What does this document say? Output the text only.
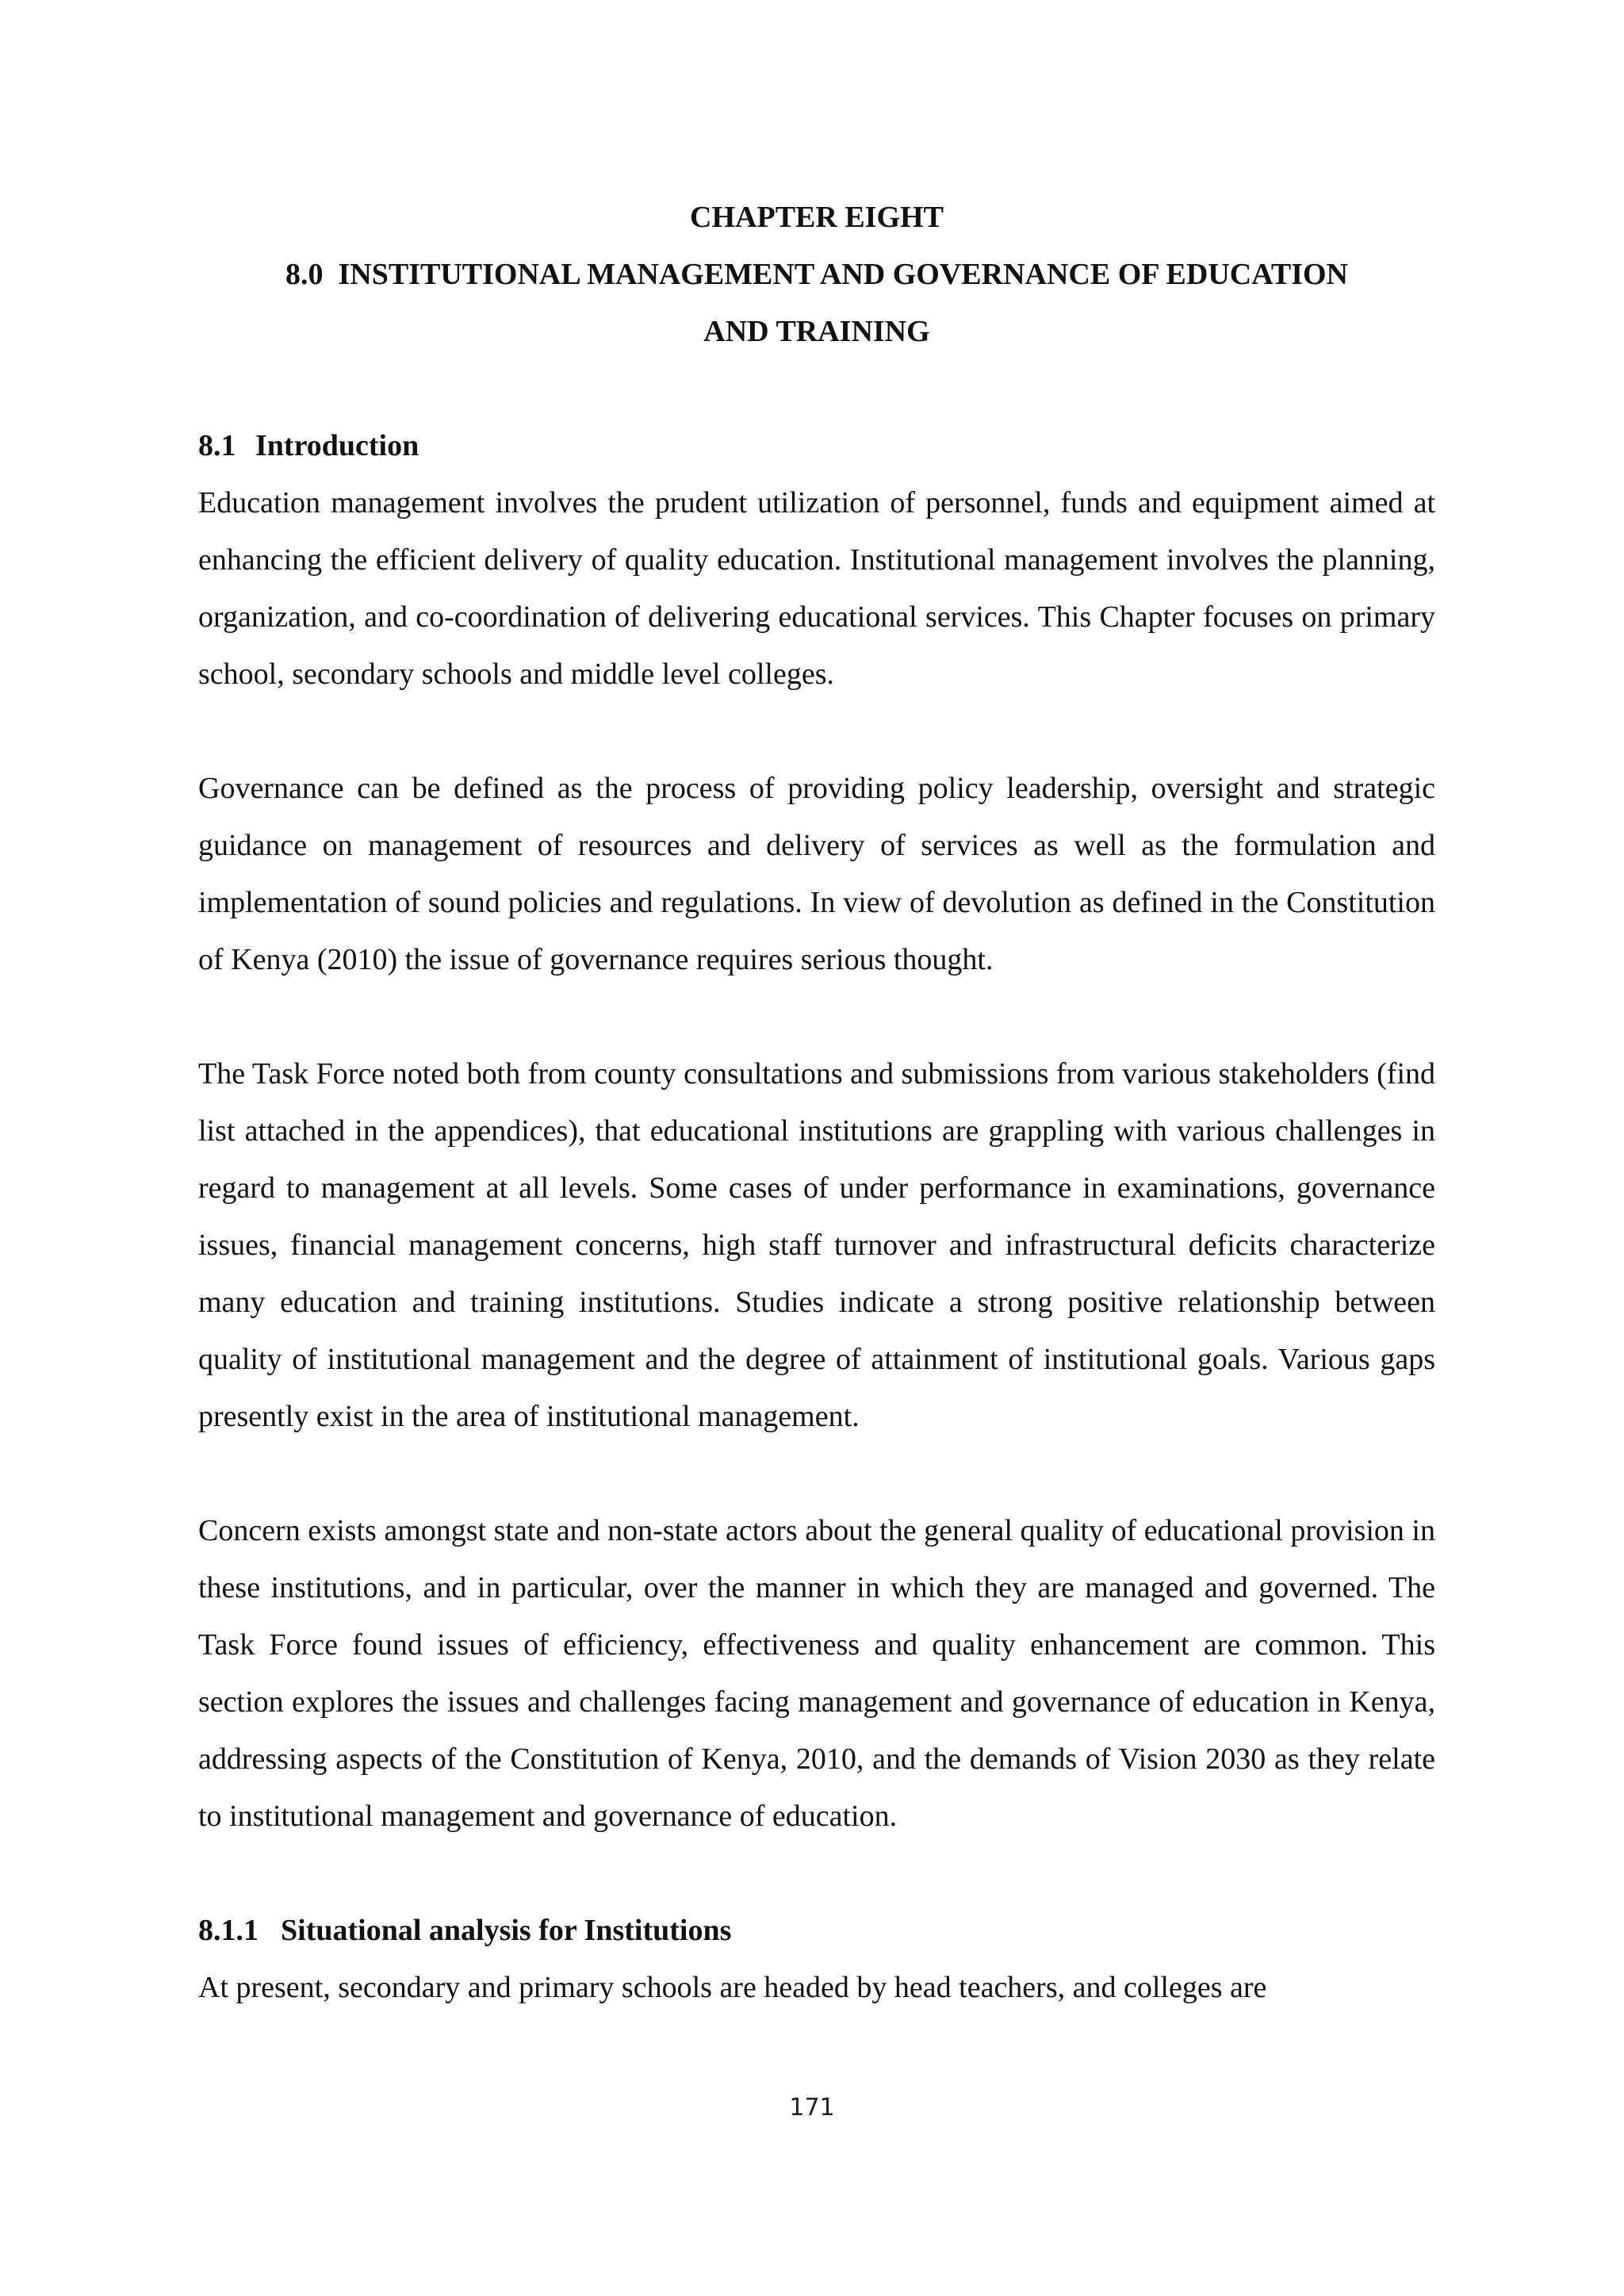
CHAPTER EIGHT

8.0 INSTITUTIONAL MANAGEMENT AND GOVERNANCE OF EDUCATION

AND TRAINING

8.1 Introduction

Education management involves the prudent utilization of personnel, funds and equipment aimed at enhancing the efficient delivery of quality education. Institutional management involves the planning, organization, and co-coordination of delivering educational services. This Chapter focuses on primary school, secondary schools and middle level colleges.

Governance can be defined as the process of providing policy leadership, oversight and strategic guidance on management of resources and delivery of services as well as the formulation and implementation of sound policies and regulations. In view of devolution as defined in the Constitution of Kenya (2010) the issue of governance requires serious thought.

The Task Force noted both from county consultations and submissions from various stakeholders (find list attached in the appendices), that educational institutions are grappling with various challenges in regard to management at all levels. Some cases of under performance in examinations, governance issues, financial management concerns, high staff turnover and infrastructural deficits characterize many education and training institutions. Studies indicate a strong positive relationship between quality of institutional management and the degree of attainment of institutional goals. Various gaps presently exist in the area of institutional management.

Concern exists amongst state and non-state actors about the general quality of educational provision in these institutions, and in particular, over the manner in which they are managed and governed. The Task Force found issues of efficiency, effectiveness and quality enhancement are common. This section explores the issues and challenges facing management and governance of education in Kenya, addressing aspects of the Constitution of Kenya, 2010, and the demands of Vision 2030 as they relate to institutional management and governance of education.

8.1.1 Situational analysis for Institutions

At present, secondary and primary schools are headed by head teachers, and colleges are

171
